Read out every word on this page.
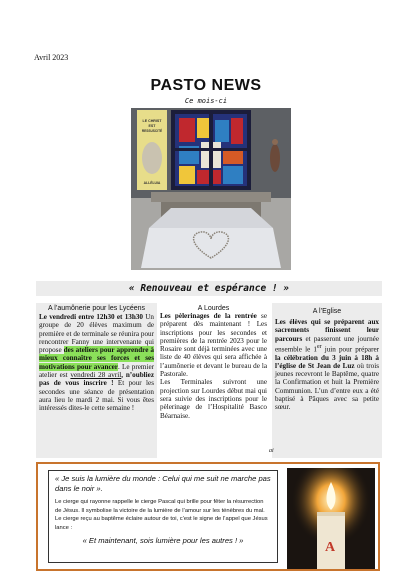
Avril 2023
PASTO NEWS
Ce mois-ci
LE CHRIST
EST
RESSUSCITÉ
ALLÉLUIA
« Renouveau et espérance ! »
A l’aumônerie pour les Lycéens

Le vendredi entre 12h30 et 13h30 Un groupe de 20 élèves maximum de première et de terminale se réunira pour rencontrer Fanny une intervenante qui propose des ateliers pour apprendre à mieux connaître ses forces et ses motivations pour avancer. Le premier atelier est vendredi 28 avril, n’oubliez pas de vous inscrire ! Et pour les secondes une séance de présentation aura lieu le mardi 2 mai. Si vous êtes intéressés dites-le cette semaine !

A Lourdes

Les pèlerinages de la rentrée se préparent dès maintenant ! Les inscriptions pour les secondes et premières de la rentrée 2023 pour le Rosaire sont déjà terminées avec une liste de 40 élèves qui sera affichée à l’aumônerie et devant le bureau de la Pastorale.

Les Terminales suivront une projection sur Lourdes début mai qui sera suivie des inscriptions pour le pèlerinage de l’Hospitalité Basco Béarnaise.

A l’Eglise

Les élèves qui se préparent aux sacrements finissent leur parcours et passeront une journée ensemble le 1er juin pour préparer la célébration du 3 juin à 18h à l’église de St Jean de Luz où trois jeunes recevront le Baptême, quatre la Confirmation et huit la Première Communion. L’un d’entre eux a été baptisé à Pâques avec sa petite sœur.

ai
« Je suis la lumière du monde : Celui qui me suit ne marche pas dans le noir ».
Le cierge qui rayonne rappelle le cierge Pascal qui brille pour fêter la résurrection de Jésus. Il symbolise la victoire de la lumière de l’amour sur les ténèbres du mal. Le cierge reçu au baptême éclaire autour de toi, c’est le signe de l’appel que Jésus lance :
« Et maintenant, sois lumière pour les autres ! »	A
